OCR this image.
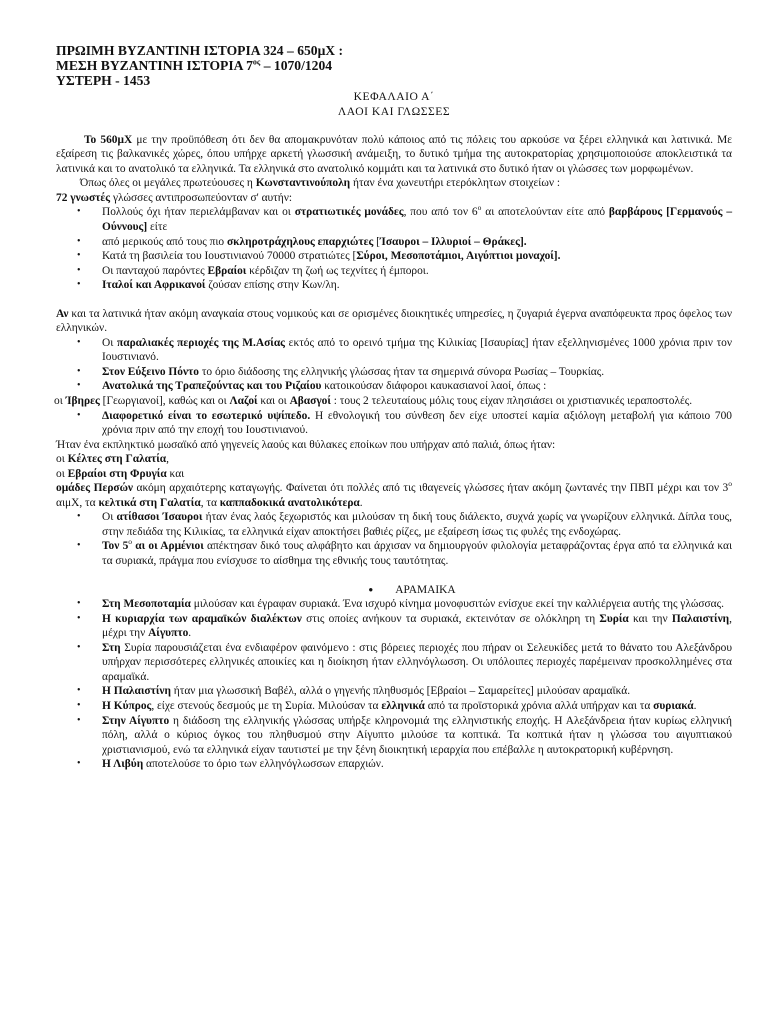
ΠΡΩΙΜΗ ΒΥΖΑΝΤΙΝΗ ΙΣΤΟΡΙΑ 324 – 650μΧ :

ΜΕΣΗ ΒΥΖΑΝΤΙΝΗ ΙΣΤΟΡΙΑ $7^{o\varsigma} - 1070/1204$

ΥΣΤΕΡΗ - 1453

ΚΕΦΑΛΑΙΟ Α΄

ΛΑΟΙ ΚΑΙ ΓΛΩΣΣΕΣ

Το 560μΧ με την προϋπόθεση ότι δεν θα απομακρυνόταν πολύ κάποιος από τις πόλεις του αρκούσε να ξέρει ελληνικά και λατινικά. Με εξαίρεση τις βαλκανικές χώρες, όπου υπήρχε αρκετή γλωσσική ανάμειξη, το δυτικό τμήμα της αυτοκρατορίας χρησιμοποιούσε αποκλειστικά τα λατινικά και το ανατολικό τα ελληνικά. Τα ελληνικά στο ανατολικό κομμάτι και τα λατινικά στο δυτικό ήταν οι γλώσσες των μορφωμένων.

Όπως όλες οι μεγάλες πρωτεύουσες η Κωνσταντινούπολη ήταν ένα χωνευτήρι ετερόκλητων στοιχείων :

72 γνωστές γλώσσες αντιπροσωπεύονταν σ' αυτήν:

• Πολλούς όχι ήταν περιελάμβαναν και οι στρατιωτικές μονάδες, που από τον $6^o$ αι αποτελούνταν είτε από βαρβάρους [Γερμανούς – Ούννους] είτε
• από μερικούς από τους πιο σκληροτράχηλους επαρχιώτες [Ίσαυροι – Ιλλυριοί – Θράκες].
• Κατά τη βασιλεία του Ιουστινιανού 70000 στρατιώτες [Σύροι, Μεσοποτάμιοι, Αιγύπτιοι μοναχοί].
• Οι πανταχού παρόντες Εβραίοι κέρδιζαν τη ζωή ως τεχνίτες ή έμποροι.
• Ιταλοί και Αφρικανοί ζούσαν επίσης στην Κων/λη.

Αν και τα λατινικά ήταν ακόμη αναγκαία στους νομικούς και σε ορισμένες διοικητικές υπηρεσίες, η ζυγαριά έγερνα αναπόφευκτα προς όφελος των ελληνικών.

• Οι παραλιακές περιοχές της Μ.Ασίας εκτός από το ορεινό τμήμα της Κιλικίας [Ισαυρίας] ήταν εξελληνισμένες 1000 χρόνια πριν τον Ιουστινιανό.
• Στον Εύξεινο Πόντο το όριο διάδοσης της ελληνικής γλώσσας ήταν τα σημερινά σύνορα Ρωσίας – Τουρκίας.
• Ανατολικά της Τραπεζούντας και του Ριζαίου κατοικούσαν διάφοροι καυκασιανοί λαοί, όπως :

οι Ίβηρες [Γεωργιανοί], καθώς και οι Λαζοί και οι Αβασγοί : τους 2 τελευταίους μόλις τους είχαν πλησιάσει οι χριστιανικές ιεραποστολές.

• Διαφορετικό είναι το εσωτερικό υψίπεδο. Η εθνολογική του σύνθεση δεν είχε υποστεί καμία αξιόλογη μεταβολή για κάποιο 700 χρόνια πριν από την εποχή του Ιουστινιανού.

Ήταν ένα εκπληκτικό μωσαϊκό από γηγενείς λαούς και θύλακες εποίκων που υπήρχαν από παλιά, όπως ήταν:

οι Κέλτες στη Γαλατία,

οι Εβραίοι στη Φρυγία και

ομάδες Περσών ακόμη αρχαιότερης καταγωγής. Φαίνεται ότι πολλές από τις ιθαγενείς γλώσσες ήταν ακόμη ζωντανές την ΠΒΠ μέχρι και τον $3^o$ αιμΧ, τα κελτικά στη Γαλατία, τα καππαδοκικά ανατολικότερα.

• Οι ατίθασοι Ίσαυροι ήταν ένας λαός ξεχωριστός και μιλούσαν τη δική τους διάλεκτο, συχνά χωρίς να γνωρίζουν ελληνικά. Δίπλα τους, στην πεδιάδα της Κιλικίας, τα ελληνικά είχαν αποκτήσει βαθιές ρίζες, με εξαίρεση ίσως τις φυλές της ενδοχώρας.
• Τον $5^o$ αι οι Αρμένιοι απέκτησαν δικό τους αλφάβητο και άρχισαν να δημιουργούν φιλολογία μεταφράζοντας έργα από τα ελληνικά και τα συριακά, πράγμα που ενίσχυσε το αίσθημα της εθνικής τους ταυτότητας.

● ΑΡΑΜΑΙΚΑ

• Στη Μεσοποταμία μιλούσαν και έγραφαν συριακά. Ένα ισχυρό κίνημα μονοφυσιτών ενίσχυε εκεί την καλλιέργεια αυτής της γλώσσας.
• Η κυριαρχία των αραμαϊκών διαλέκτων στις οποίες ανήκουν τα συριακά, εκτεινόταν σε ολόκληρη τη Συρία και την Παλαιστίνη, μέχρι την Αίγυπτο.
• Στη Συρία παρουσιάζεται ένα ενδιαφέρον φαινόμενο : στις βόρειες περιοχές που πήραν οι Σελευκίδες μετά το θάνατο του Αλεξάνδρου υπήρχαν περισσότερες ελληνικές αποικίες και η διοίκηση ήταν ελληνόγλωσση. Οι υπόλοιπες περιοχές παρέμειναν προσκολλημένες στα αραμαϊκά.
• Η Παλαιστίνη ήταν μια γλωσσική Βαβέλ, αλλά ο γηγενής πληθυσμός [Εβραίοι – Σαμαρείτες] μιλούσαν αραμαϊκά.
• Η Κύπρος, είχε στενούς δεσμούς με τη Συρία. Μιλούσαν τα ελληνικά από τα προϊστορικά χρόνια αλλά υπήρχαν και τα συριακά.
• Στην Αίγυπτο η διάδοση της ελληνικής γλώσσας υπήρξε κληρονομιά της ελληνιστικής εποχής. Η Αλεξάνδρεια ήταν κυρίως ελληνική πόλη, αλλά ο κύριος όγκος του πληθυσμού στην Αίγυπτο μιλούσε τα κοπτικά. Τα κοπτικά ήταν η γλώσσα του αιγυπτιακού χριστιανισμού, ενώ τα ελληνικά είχαν ταυτιστεί με την ξένη διοικητική ιεραρχία που επέβαλλε η αυτοκρατορική κυβέρνηση.
• Η Λιβύη αποτελούσε το όριο των ελληνόγλωσσων επαρχιών.
